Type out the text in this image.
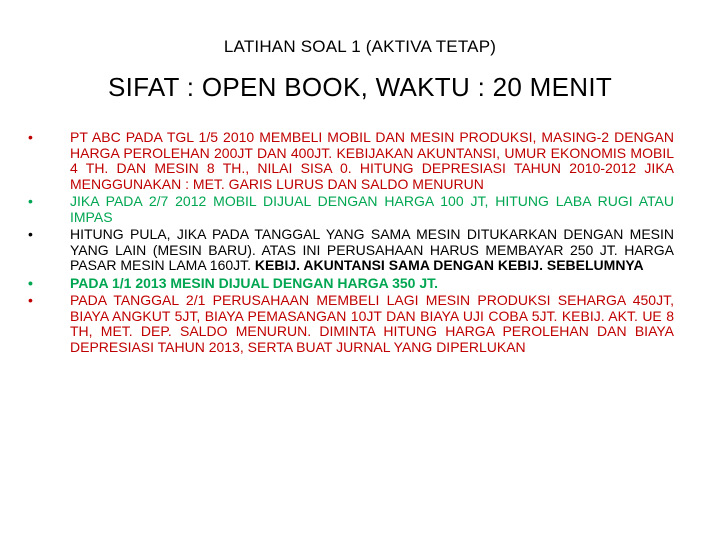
LATIHAN SOAL 1 (AKTIVA TETAP)
SIFAT : OPEN BOOK, WAKTU : 20 MENIT
•	PT ABC PADA TGL 1/5 2010 MEMBELI MOBIL DAN MESIN PRODUKSI, MASING-2 DENGAN HARGA PEROLEHAN 200JT DAN 400JT. KEBIJAKAN AKUNTANSI, UMUR EKONOMIS MOBIL 4 TH. DAN MESIN 8 TH., NILAI SISA 0. HITUNG DEPRESIASI TAHUN 2010-2012 JIKA MENGGUNAKAN : MET. GARIS LURUS DAN SALDO MENURUN
•	JIKA PADA 2/7 2012 MOBIL DIJUAL DENGAN HARGA 100 JT, HITUNG LABA RUGI ATAU IMPAS
•	HITUNG PULA, JIKA PADA TANGGAL YANG SAMA MESIN DITUKARKAN DENGAN MESIN YANG LAIN (MESIN BARU). ATAS INI PERUSAHAAN HARUS MEMBAYAR 250 JT. HARGA PASAR MESIN LAMA 160JT. KEBIJ. AKUNTANSI SAMA DENGAN KEBIJ. SEBELUMNYA
•	PADA 1/1 2013 MESIN DIJUAL DENGAN HARGA 350 JT.
•	PADA TANGGAL 2/1 PERUSAHAAN MEMBELI LAGI MESIN PRODUKSI SEHARGA 450JT, BIAYA ANGKUT 5JT, BIAYA PEMASANGAN 10JT DAN BIAYA UJI COBA 5JT. KEBIJ. AKT. UE 8 TH, MET. DEP. SALDO MENURUN. DIMINTA HITUNG HARGA PEROLEHAN DAN BIAYA DEPRESIASI TAHUN 2013, SERTA BUAT JURNAL YANG DIPERLUKAN
